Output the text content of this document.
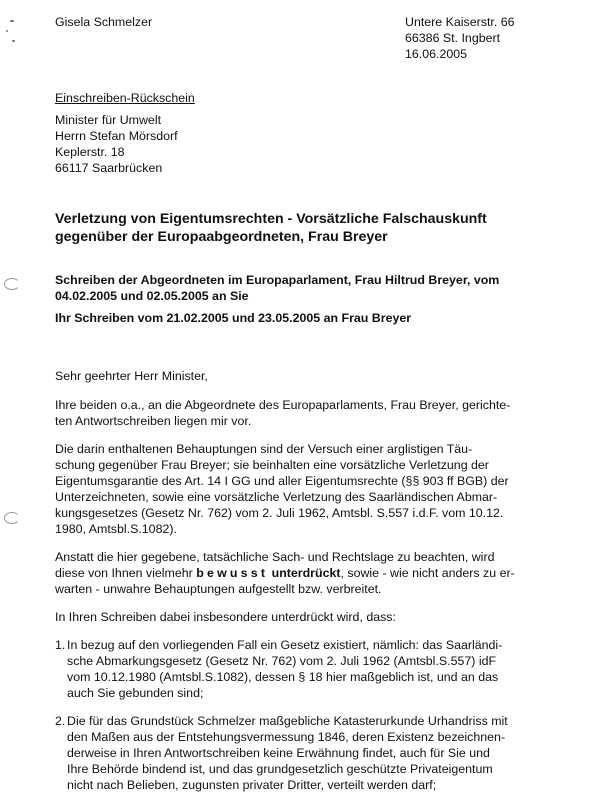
Gisela Schmelzer	Untere Kaiserstr. 66
66386 St. Ingbert
16.06.2005
Einschreiben-Rückschein
Minister für Umwelt
Herrn Stefan Mörsdorf
Keplerstr. 18
66117 Saarbrücken
Verletzung von Eigentumsrechten - Vorsätzliche Falschauskunft
gegenüber der Europaabgeordneten, Frau Breyer
Schreiben der Abgeordneten im Europaparlament, Frau Hiltrud Breyer, vom
04.02.2005 und 02.05.2005 an Sie
Ihr Schreiben vom 21.02.2005 und 23.05.2005 an Frau Breyer

Sehr geehrter Herr Minister,

Ihre beiden o.a., an die Abgeordnete des Europaparlaments, Frau Breyer, gerichte-
ten Antwortschreiben liegen mir vor.

Die darin enthaltenen Behauptungen sind der Versuch einer arglistigen Täu-
schung gegenüber Frau Breyer; sie beinhalten eine vorsätzliche Verletzung der
Eigentumsgarantie des Art. 14 I GG und aller Eigentumsrechte (§§ 903 ff BGB) der
Unterzeichneten, sowie eine vorsätzliche Verletzung des Saarländischen Abmar-
kungsgesetzes (Gesetz Nr. 762) vom 2. Juli 1962, Amtsbl. S.557 i.d.F. vom 10.12.
1980, Amtsbl.S.1082).

Anstatt die hier gegebene, tatsächliche Sach- und Rechtslage zu beachten, wird
diese von Ihnen vielmehr bewusst unterdrückt, sowie - wie nicht anders zu er-
warten - unwahre Behauptungen aufgestellt bzw. verbreitet.

In Ihren Schreiben dabei insbesondere unterdrückt wird, dass:

1. In bezug auf den vorliegenden Fall ein Gesetz existiert, nämlich: das Saarländi-
sche Abmarkungsgesetz (Gesetz Nr. 762) vom 2. Juli 1962 (Amtsbl.S.557) idF
vom 10.12.1980 (Amtsbl.S.1082), dessen § 18 hier maßgeblich ist, und an das
auch Sie gebunden sind;
2. Die für das Grundstück Schmelzer maßgebliche Katasterurkunde Urhandriss mit
den Maßen aus der Entstehungsvermessung 1846, deren Existenz bezeichnen-
derweise in Ihren Antwortschreiben keine Erwähnung findet, auch für Sie und
Ihre Behörde bindend ist, und das grundgesetzlich geschützte Privateigentum
nicht nach Belieben, zugunsten privater Dritter, verteilt werden darf;
